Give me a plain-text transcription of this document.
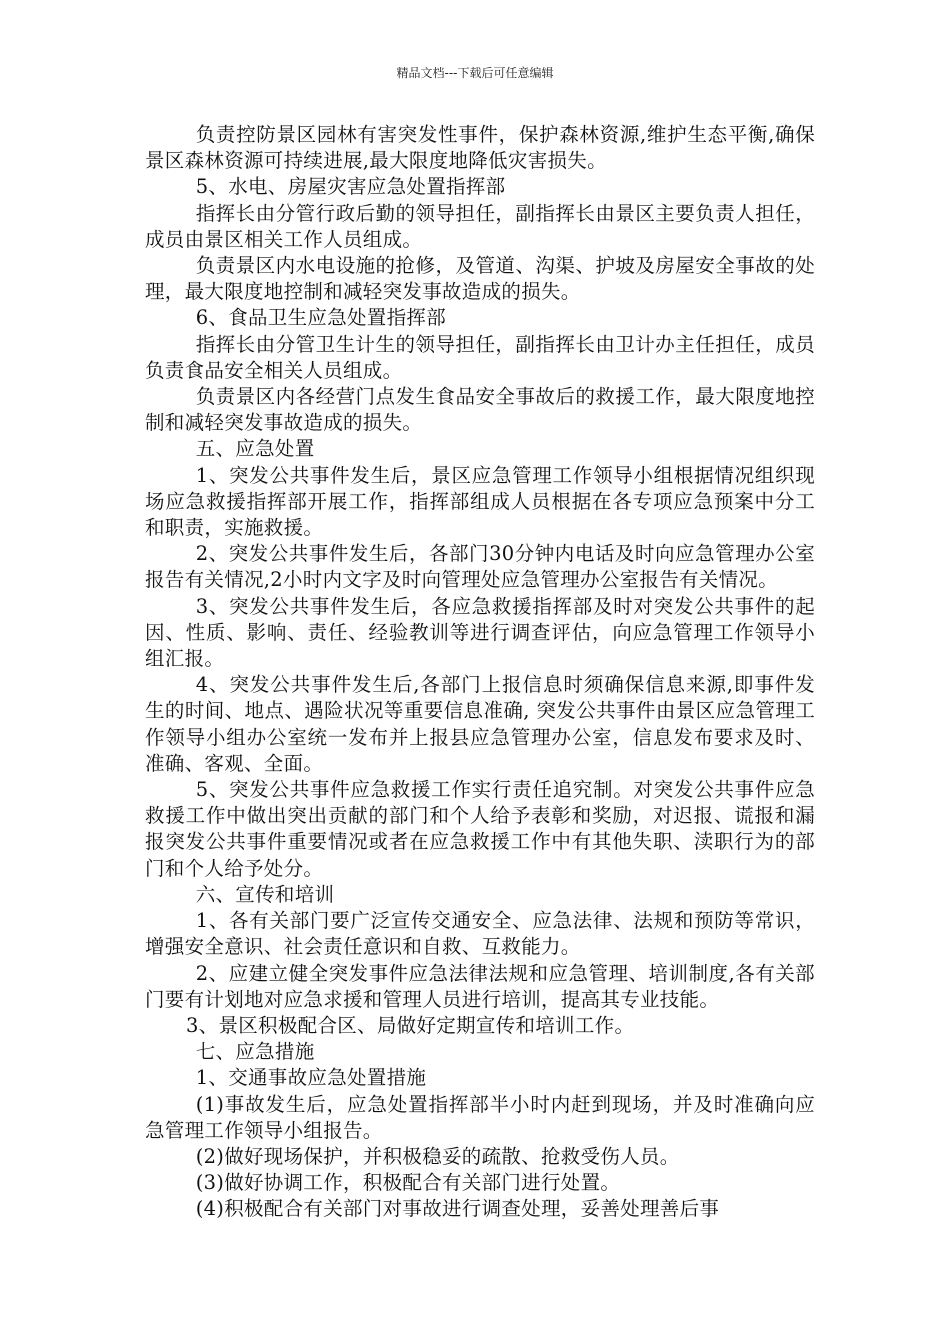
精品文档---下载后可任意编辑

负责控防景区园林有害突发性事件，保护森林资源,维护生态平衡,确保景区森林资源可持续进展,最大限度地降低灾害损失。

5、水电、房屋灾害应急处置指挥部

指挥长由分管行政后勤的领导担任，副指挥长由景区主要负责人担任，成员由景区相关工作人员组成。

负责景区内水电设施的抢修，及管道、沟渠、护坡及房屋安全事故的处理，最大限度地控制和减轻突发事故造成的损失。

6、食品卫生应急处置指挥部

指挥长由分管卫生计生的领导担任，副指挥长由卫计办主任担任，成员负责食品安全相关人员组成。

负责景区内各经营门点发生食品安全事故后的救援工作，最大限度地控制和减轻突发事故造成的损失。

五、应急处置

1、突发公共事件发生后，景区应急管理工作领导小组根据情况组织现场应急救援指挥部开展工作，指挥部组成人员根据在各专项应急预案中分工和职责，实施救援。

2、突发公共事件发生后，各部门30分钟内电话及时向应急管理办公室报告有关情况,2小时内文字及时向管理处应急管理办公室报告有关情况。

3、突发公共事件发生后，各应急救援指挥部及时对突发公共事件的起因、性质、影响、责任、经验教训等进行调查评估，向应急管理工作领导小组汇报。

4、突发公共事件发生后,各部门上报信息时须确保信息来源,即事件发生的时间、地点、遇险状况等重要信息准确, 突发公共事件由景区应急管理工作领导小组办公室统一发布并上报县应急管理办公室，信息发布要求及时、准确、客观、全面。

5、突发公共事件应急救援工作实行责任追究制。对突发公共事件应急救援工作中做出突出贡献的部门和个人给予表彰和奖励，对迟报、谎报和漏报突发公共事件重要情况或者在应急救援工作中有其他失职、渎职行为的部门和个人给予处分。

六、宣传和培训

1、各有关部门要广泛宣传交通安全、应急法律、法规和预防等常识，增强安全意识、社会责任意识和自救、互救能力。

2、应建立健全突发事件应急法律法规和应急管理、培训制度,各有关部门要有计划地对应急求援和管理人员进行培训，提高其专业技能。

3、景区积极配合区、局做好定期宣传和培训工作。

七、应急措施

1、交通事故应急处置措施

(1)事故发生后，应急处置指挥部半小时内赶到现场，并及时准确向应急管理工作领导小组报告。

(2)做好现场保护，并积极稳妥的疏散、抢救受伤人员。

(3)做好协调工作，积极配合有关部门进行处置。

(4)积极配合有关部门对事故进行调查处理，妥善处理善后事
